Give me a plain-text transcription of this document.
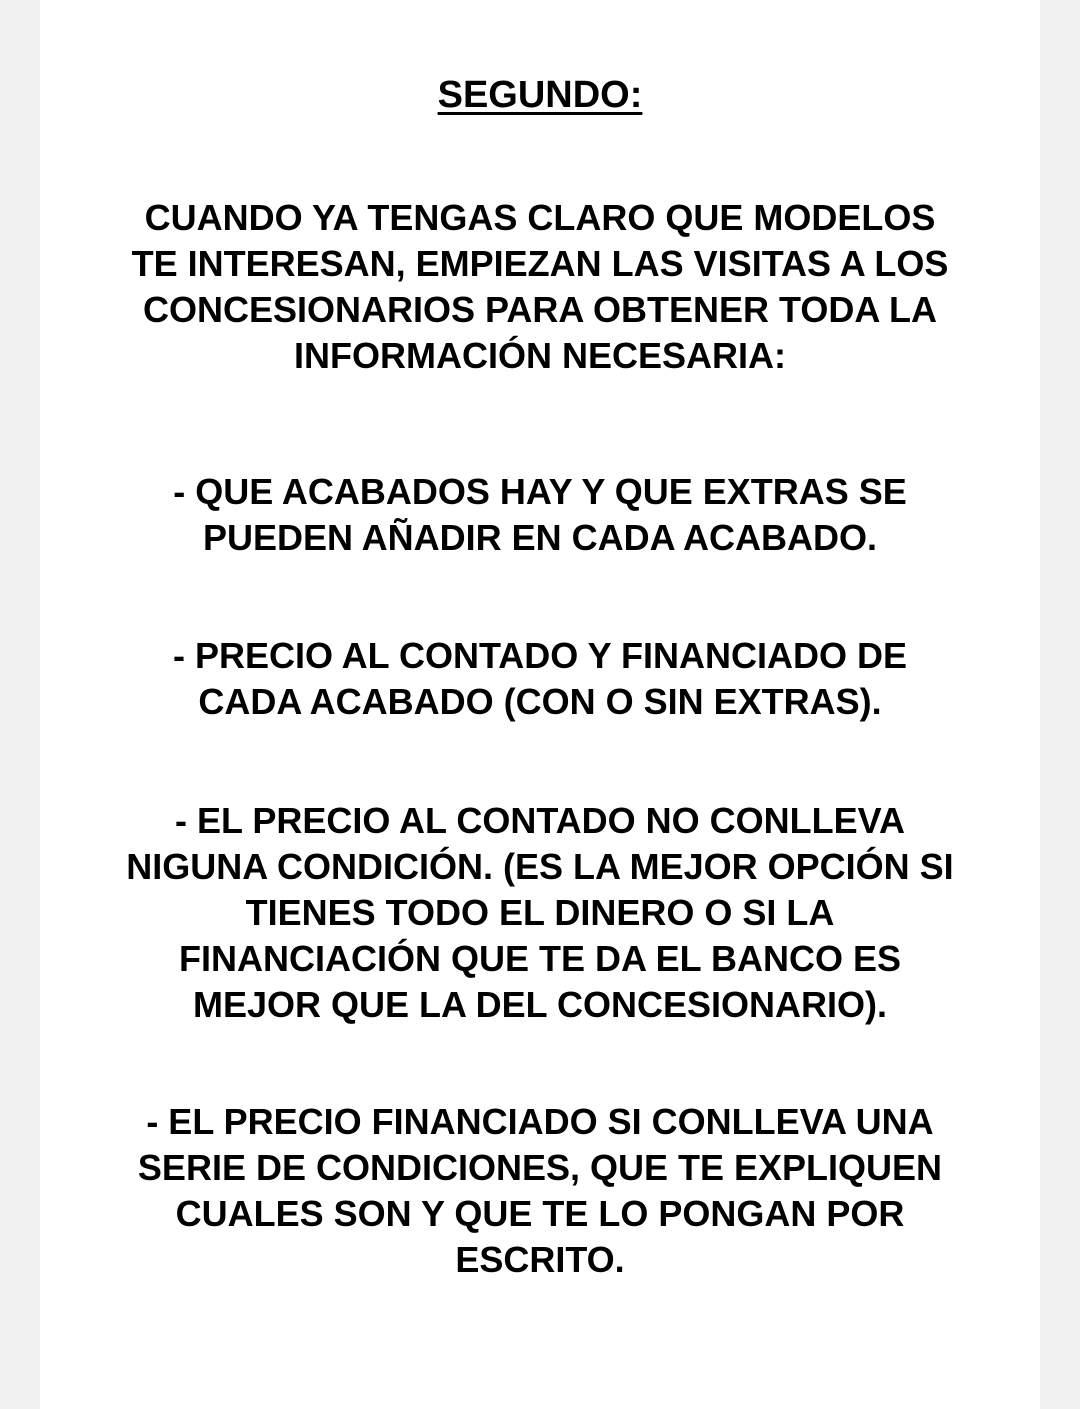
SEGUNDO:

CUANDO YA TENGAS CLARO QUE MODELOS
TE INTERESAN, EMPIEZAN LAS VISITAS A LOS
CONCESIONARIOS PARA OBTENER TODA LA
INFORMACIÓN NECESARIA:

- QUE ACABADOS HAY Y QUE EXTRAS SE
PUEDEN AÑADIR EN CADA ACABADO.

- PRECIO AL CONTADO Y FINANCIADO DE
CADA ACABADO (CON O SIN EXTRAS).

- EL PRECIO AL CONTADO NO CONLLEVA
NIGUNA CONDICIÓN. (ES LA MEJOR OPCIÓN SI
TIENES TODO EL DINERO O SI LA
FINANCIACIÓN QUE TE DA EL BANCO ES
MEJOR QUE LA DEL CONCESIONARIO).

- EL PRECIO FINANCIADO SI CONLLEVA UNA
SERIE DE CONDICIONES, QUE TE EXPLIQUEN
CUALES SON Y QUE TE LO PONGAN POR
ESCRITO.
